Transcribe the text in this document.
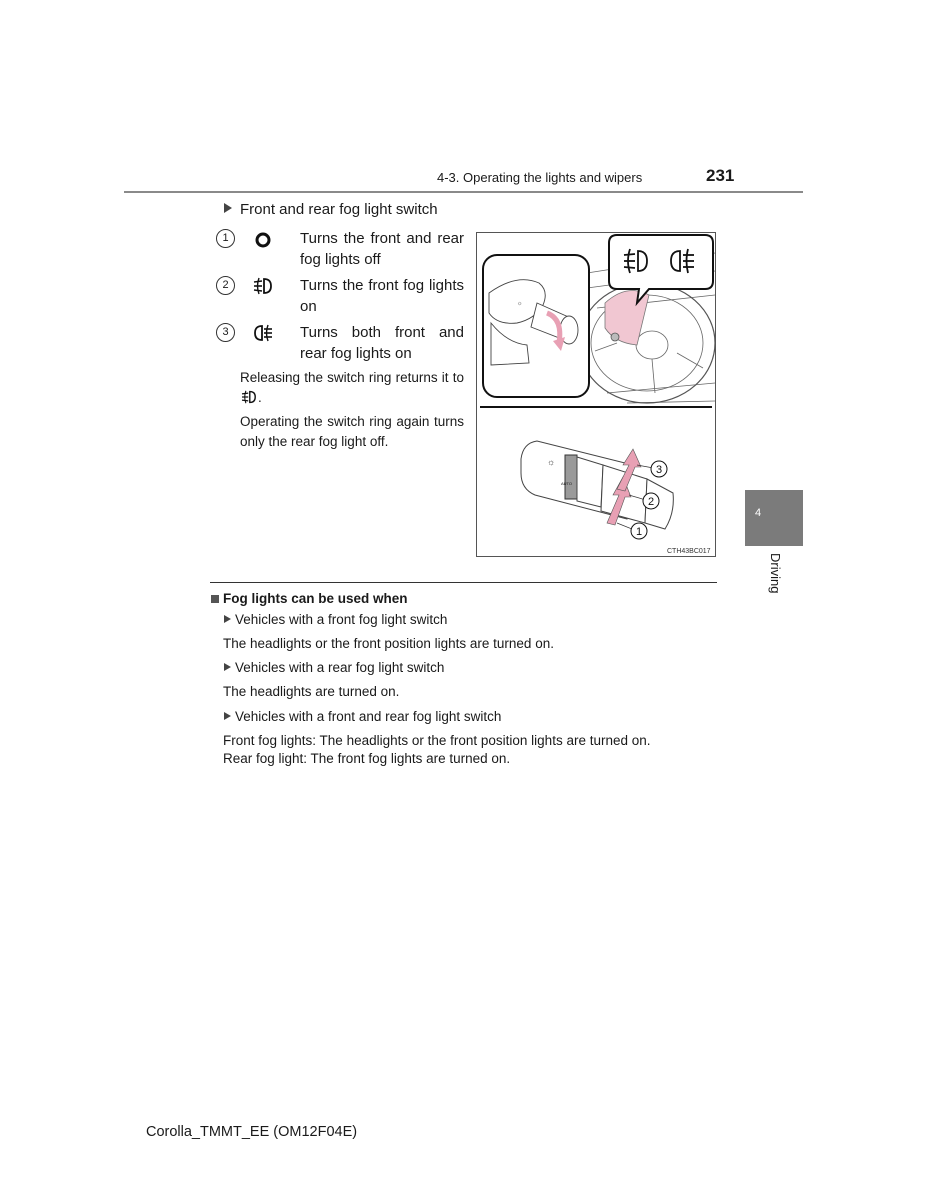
4-3. Operating the lights and wipers	231
Front and rear fog light switch
1	Turns the front and rear fog lights off
2	Turns the front fog lights on
3	Turns both front and rear fog lights on
Releasing the switch ring returns it to .
Operating the switch ring again turns only the rear fog light off.
☼
☼
AUTO
3
2
1
CTH43BC017
Fog lights can be used when
Vehicles with a front fog light switch
The headlights or the front position lights are turned on.
Vehicles with a rear fog light switch
The headlights are turned on.
Vehicles with a front and rear fog light switch
Front fog lights: The headlights or the front position lights are turned on.
Rear fog light: The front fog lights are turned on.
4
Driving
Corolla_TMMT_EE (OM12F04E)
